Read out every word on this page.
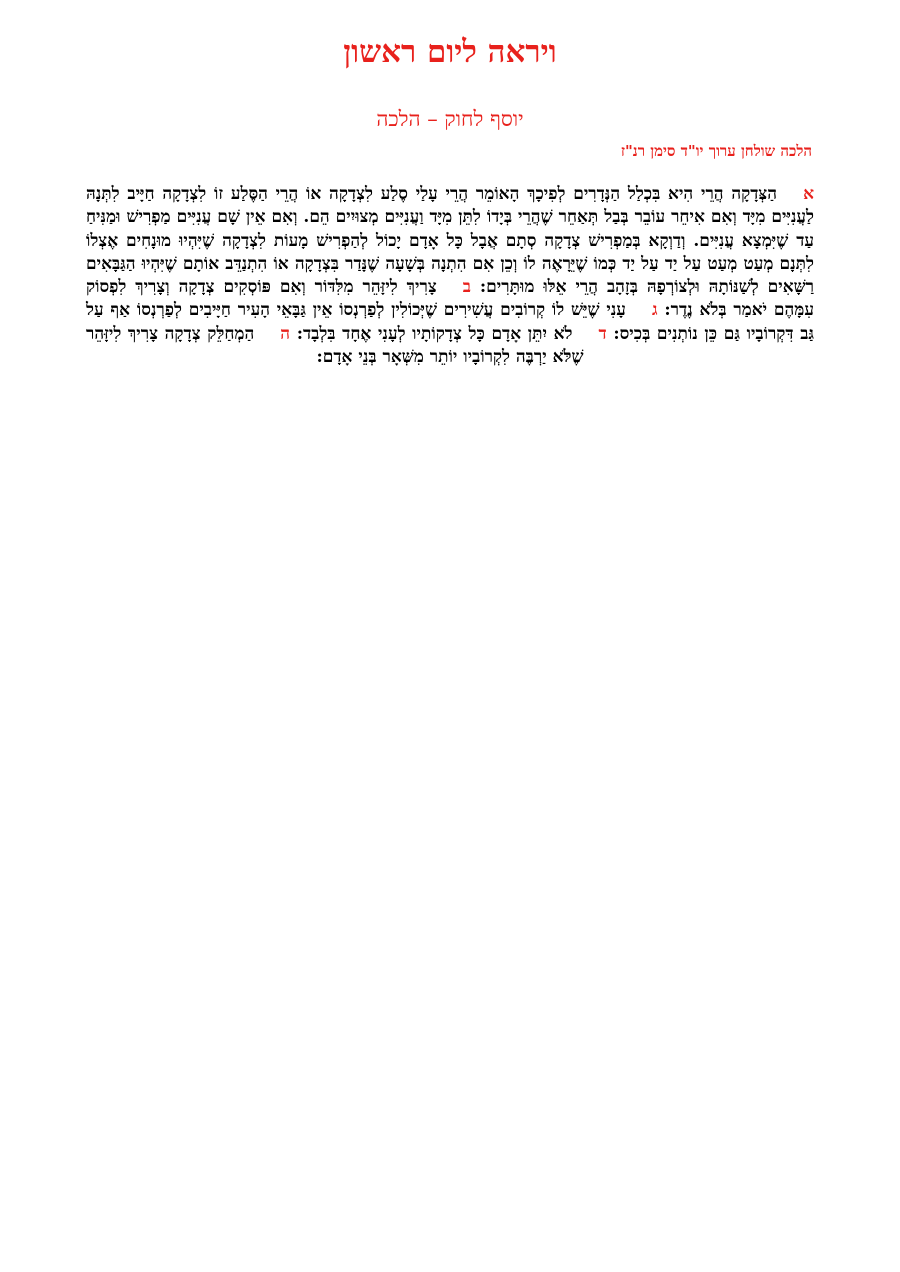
ויראה ליום ראשון
יוסף לחוק – הלכה
הלכה שולחן ערוך יו"ד סימן רנ"ז
אהַצְּדָקָה הֲרֵי הִיא בִּכְלַל הַנְּדָרִים לְפִיכָךְ הָאוֹמֵר הֲרֵי עָלַי סֶלַע לִצְדָקָה אוֹ הֲרֵי הַסֶּלַע זוֹ לִצְדָקָה חַיָּיב לִתְּנָהּ לַעֲנִיִּים מִיָּד וְאִם אִיחֵר עוֹבֵר בְּבַל תְּאַחֵר שֶׁהֲרֵי בְּיָדוֹ לִתֵּן מִיָּד וַעֲנִיִּים מְצוּיִים הֵם. וְאִם אֵין שָׁם עֲנִיִּים מַפְרִישׁ וּמַנִּיחַ עַד שֶׁיִּמְצָא עֲנִיִּים. וְדַוְקָא בְּמַפְרִישׁ צְדָקָה סְתָם אֲבָל כָּל אָדָם יָכוֹל לְהַפְרִישׁ מָעוֹת לִצְדָקָה שֶׁיִּהְיוּ מוּנָחִים אֶצְלוֹ לִתְּנָם מְעַט מְעַט עַל יַד עַל יַד כְּמוֹ שֶׁיֵּרָאֶה לוֹ וְכֵן אִם הִתְנָה בְּשָׁעָה שֶׁנָּדַר בִּצְדָקָה אוֹ הִתְנַדֵּב אוֹתָם שֶׁיִּהְיוּ הַגַּבָּאִים רַשָּׁאִים לְשַׁנּוֹתָהּ וּלְצוֹרְפָהּ בְּזָהָב הֲרֵי אֵלּוּ מוּתָּרִים: בצָרִיךְ לִיזָּהֵר מִלִּדּוֹר וְאִם פּוֹסְקִים צְדָקָה וְצָרִיךְ לִפְסוֹק עִמָּהֶם יֹאמַר בְּלֹא נֶדֶר: געָנִי שֶׁיֵּשׁ לוֹ קְרוֹבִים עֲשִׁירִים שֶׁיְּכוֹלִין לְפַרְנְסוֹ אֵין גַּבָּאֵי הָעִיר חַיָּיבִים לְפַרְנְסוֹ אַף עַל גַּב דִּקְרוֹבָיו גַּם כֵּן נוֹתְנִים בְּכִיס: דלֹא יִתֵּן אָדָם כָּל צְדָקוֹתָיו לְעָנִי אֶחָד בִּלְבָד: ההַמְחַלֵּק צְדָקָה צָרִיךְ לִיזָּהֵר שֶׁלֹּא יַרְבֶּה לִקְרוֹבָיו יוֹתֵר מִשְּׁאָר בְּנֵי אָדָם:
